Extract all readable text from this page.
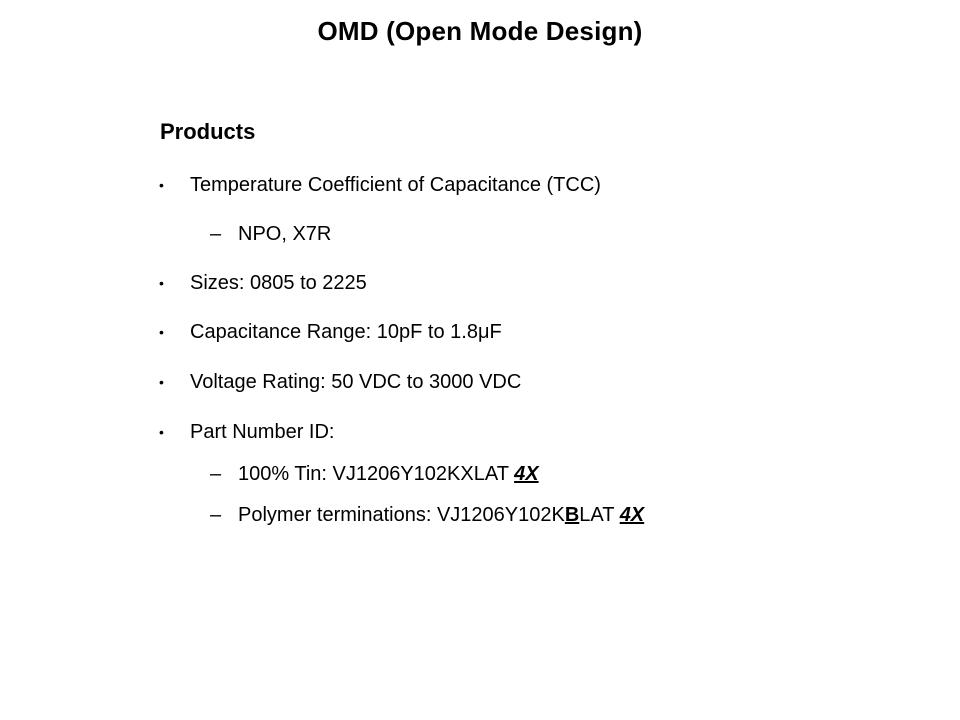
OMD (Open Mode Design)
Products
• Temperature Coefficient of Capacitance (TCC)
– NPO, X7R
• Sizes: 0805 to 2225
• Capacitance Range: 10pF to 1.8μF
• Voltage Rating: 50 VDC to 3000 VDC
• Part Number ID:
– 100% Tin: VJ1206Y102KXLAT 4X
– Polymer terminations: VJ1206Y102KBLAT 4X
